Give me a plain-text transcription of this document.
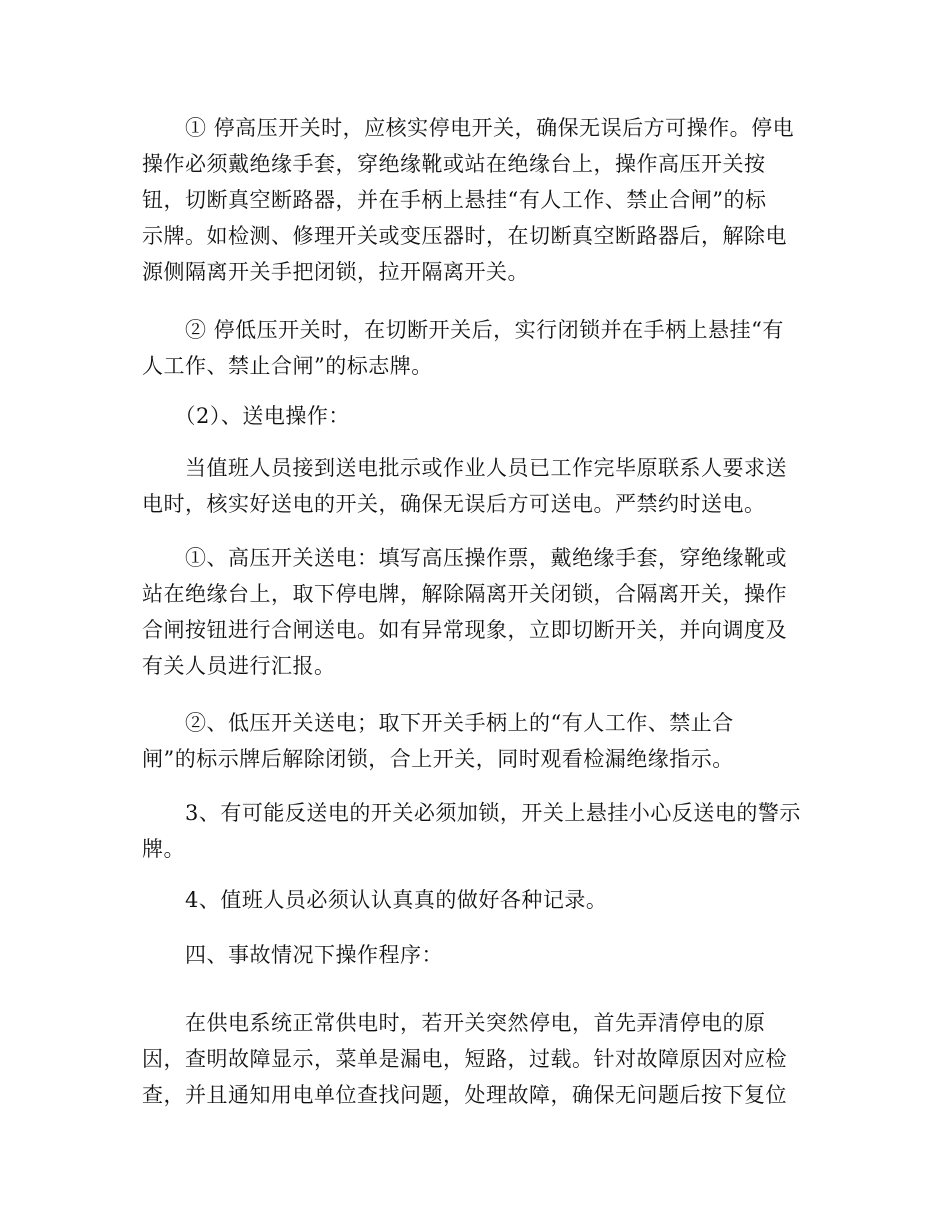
　　① 停高压开关时，应核实停电开关，确保无误后方可操作。停电
操作必须戴绝缘手套，穿绝缘靴或站在绝缘台上，操作高压开关按
钮，切断真空断路器，并在手柄上悬挂“有人工作、禁止合闸”的标
示牌。如检测、修理开关或变压器时，在切断真空断路器后，解除电
源侧隔离开关手把闭锁，拉开隔离开关。

　　② 停低压开关时，在切断开关后，实行闭锁并在手柄上悬挂“有
人工作、禁止合闸”的标志牌。

　　（2）、送电操作：

　　当值班人员接到送电批示或作业人员已工作完毕原联系人要求送
电时，核实好送电的开关，确保无误后方可送电。严禁约时送电。

　　①、高压开关送电：填写高压操作票，戴绝缘手套，穿绝缘靴或
站在绝缘台上，取下停电牌，解除隔离开关闭锁，合隔离开关，操作
合闸按钮进行合闸送电。如有异常现象，立即切断开关，并向调度及
有关人员进行汇报。

　　②、低压开关送电；取下开关手柄上的“有人工作、禁止合
闸”的标示牌后解除闭锁，合上开关，同时观看检漏绝缘指示。

　　3、有可能反送电的开关必须加锁，开关上悬挂小心反送电的警示
牌。

　　4、值班人员必须认认真真的做好各种记录。

　　四、事故情况下操作程序：

　　在供电系统正常供电时，若开关突然停电，首先弄清停电的原
因，查明故障显示，菜单是漏电，短路，过载。针对故障原因对应检
查，并且通知用电单位查找问题，处理故障，确保无问题后按下复位
